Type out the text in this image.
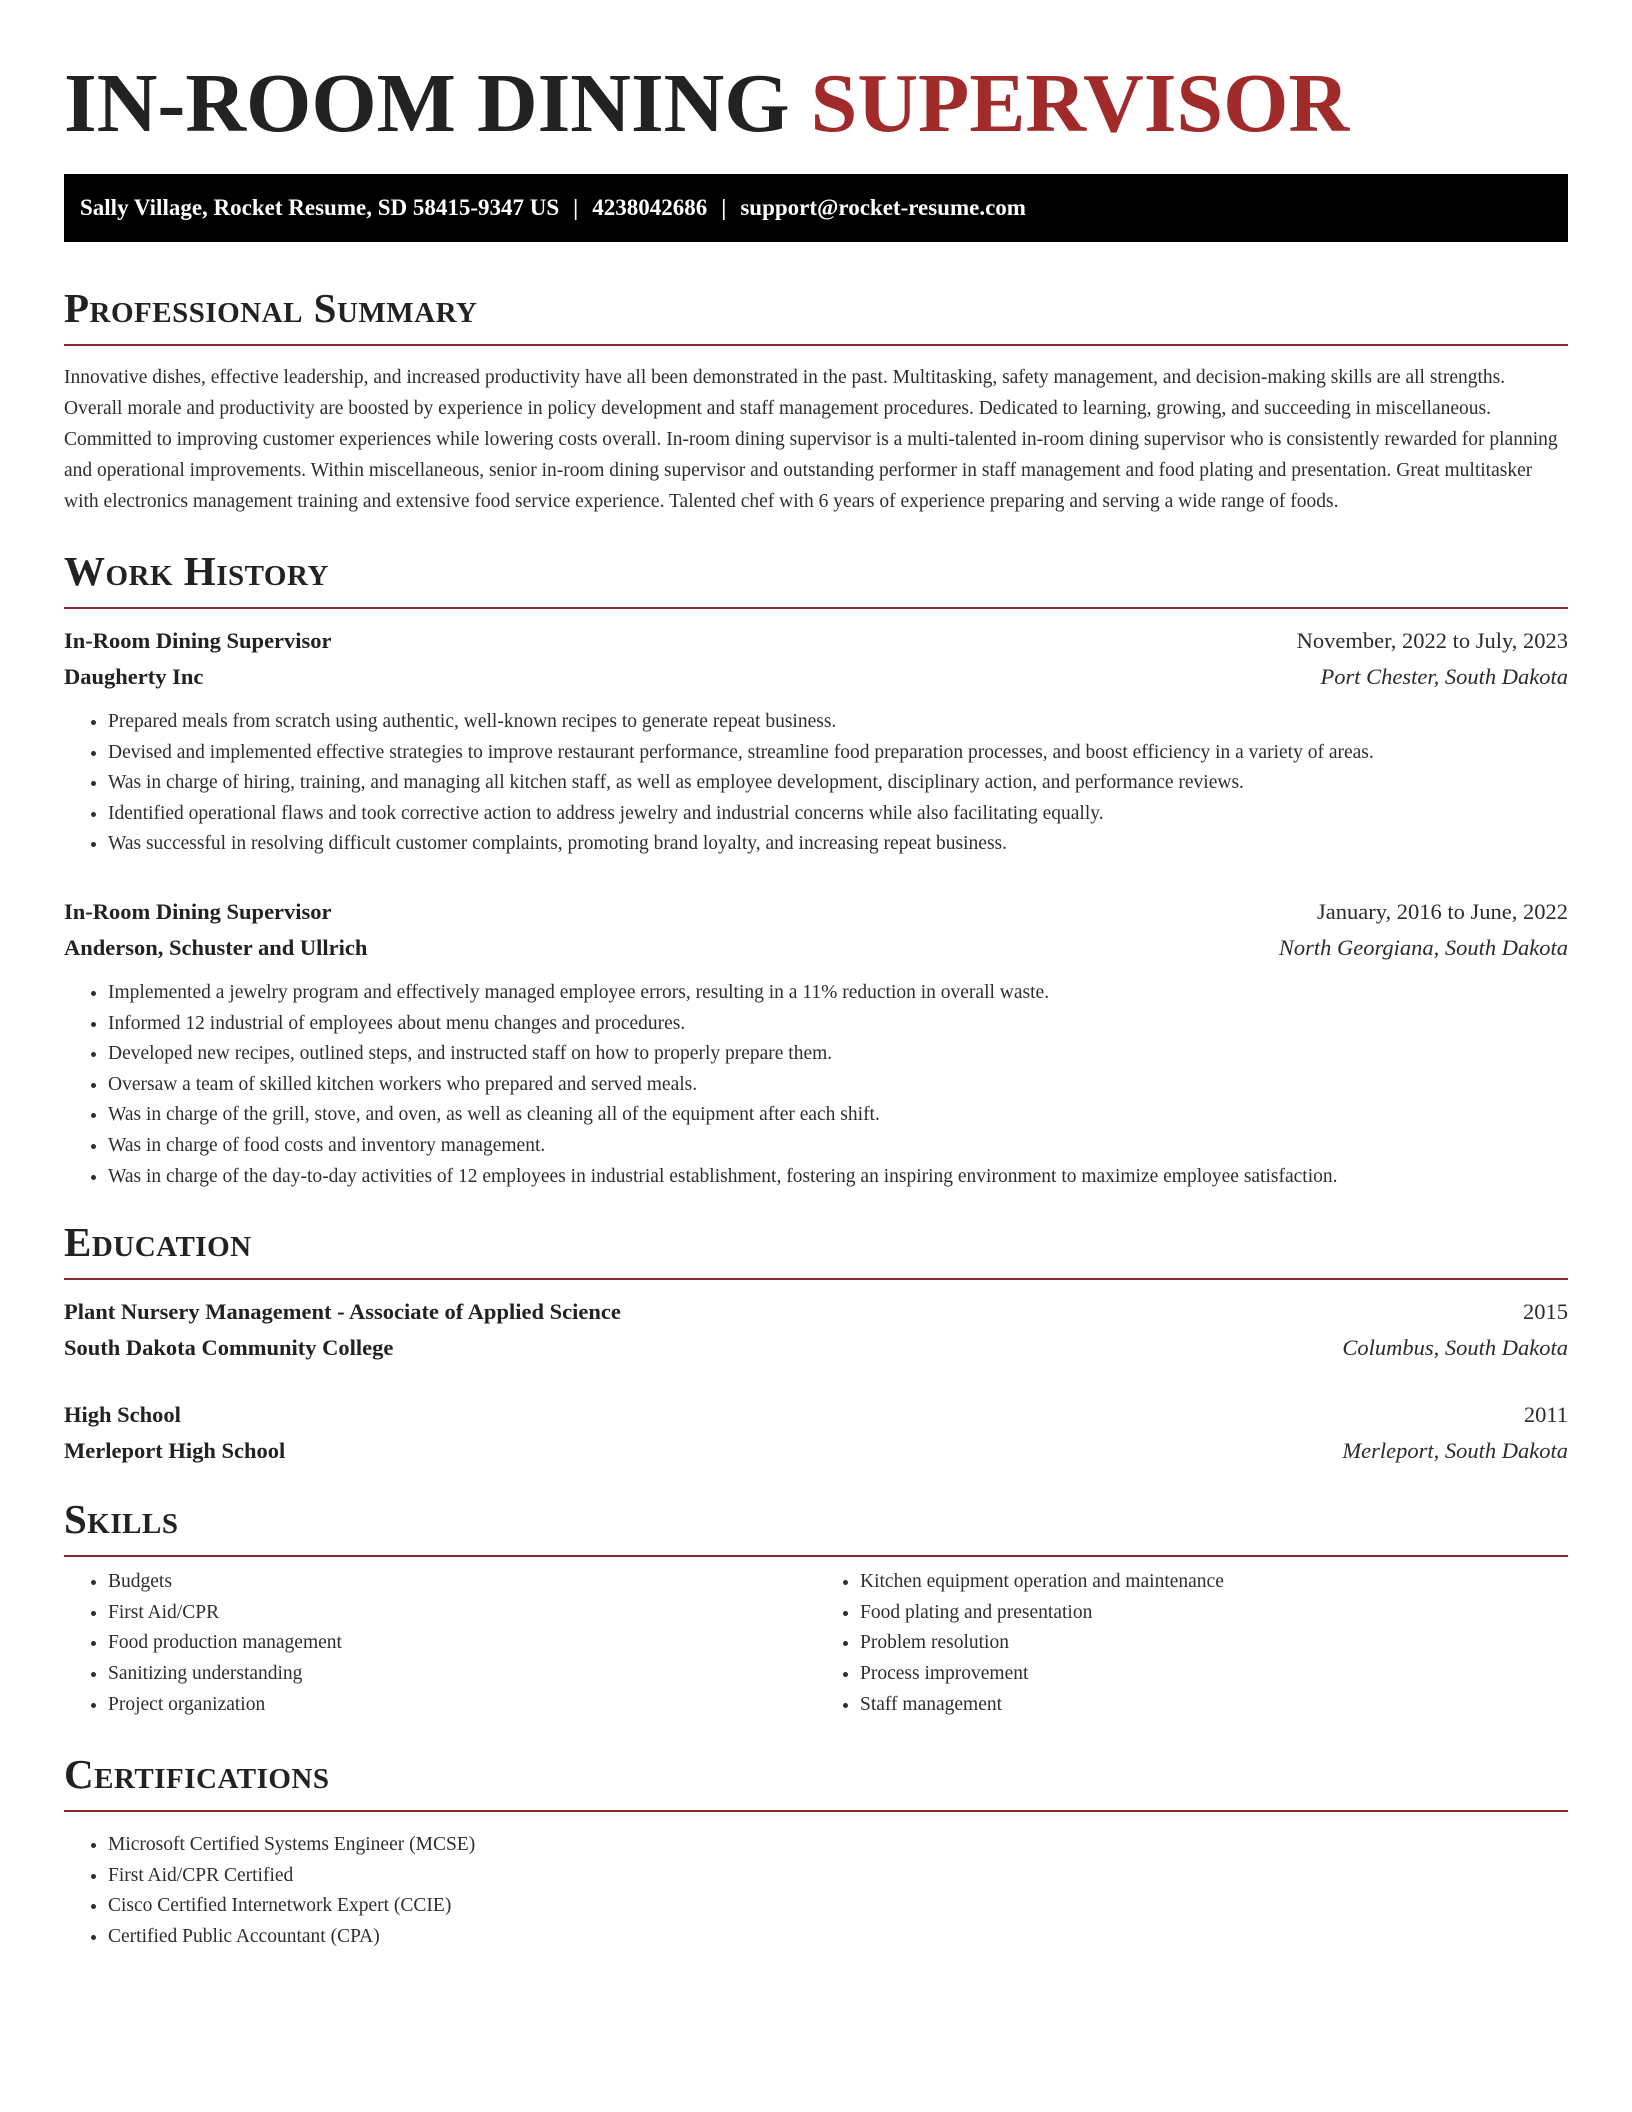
IN-ROOM DINING SUPERVISOR
Sally Village, Rocket Resume, SD 58415-9347 US | 4238042686 | support@rocket-resume.com
Professional Summary

Innovative dishes, effective leadership, and increased productivity have all been demonstrated in the past. Multitasking, safety management, and decision-making skills are all strengths. Overall morale and productivity are boosted by experience in policy development and staff management procedures. Dedicated to learning, growing, and succeeding in miscellaneous. Committed to improving customer experiences while lowering costs overall. In-room dining supervisor is a multi-talented in-room dining supervisor who is consistently rewarded for planning and operational improvements. Within miscellaneous, senior in-room dining supervisor and outstanding performer in staff management and food plating and presentation. Great multitasker with electronics management training and extensive food service experience. Talented chef with 6 years of experience preparing and serving a wide range of foods.

Work History
In-Room Dining Supervisor	November, 2022 to July, 2023
Daugherty Inc	Port Chester, South Dakota
• Prepared meals from scratch using authentic, well-known recipes to generate repeat business.
• Devised and implemented effective strategies to improve restaurant performance, streamline food preparation processes, and boost efficiency in a variety of areas.
• Was in charge of hiring, training, and managing all kitchen staff, as well as employee development, disciplinary action, and performance reviews.
• Identified operational flaws and took corrective action to address jewelry and industrial concerns while also facilitating equally.
• Was successful in resolving difficult customer complaints, promoting brand loyalty, and increasing repeat business.
In-Room Dining Supervisor	January, 2016 to June, 2022
Anderson, Schuster and Ullrich	North Georgiana, South Dakota
• Implemented a jewelry program and effectively managed employee errors, resulting in a 11% reduction in overall waste.
• Informed 12 industrial of employees about menu changes and procedures.
• Developed new recipes, outlined steps, and instructed staff on how to properly prepare them.
• Oversaw a team of skilled kitchen workers who prepared and served meals.
• Was in charge of the grill, stove, and oven, as well as cleaning all of the equipment after each shift.
• Was in charge of food costs and inventory management.
• Was in charge of the day-to-day activities of 12 employees in industrial establishment, fostering an inspiring environment to maximize employee satisfaction.
Education
Plant Nursery Management - Associate of Applied Science	2015
South Dakota Community College	Columbus, South Dakota
High School	2011
Merleport High School	Merleport, South Dakota
Skills
• Budgets
• First Aid/CPR
• Food production management
• Sanitizing understanding
• Project organization
• Kitchen equipment operation and maintenance
• Food plating and presentation
• Problem resolution
• Process improvement
• Staff management
Certifications
• Microsoft Certified Systems Engineer (MCSE)
• First Aid/CPR Certified
• Cisco Certified Internetwork Expert (CCIE)
• Certified Public Accountant (CPA)
